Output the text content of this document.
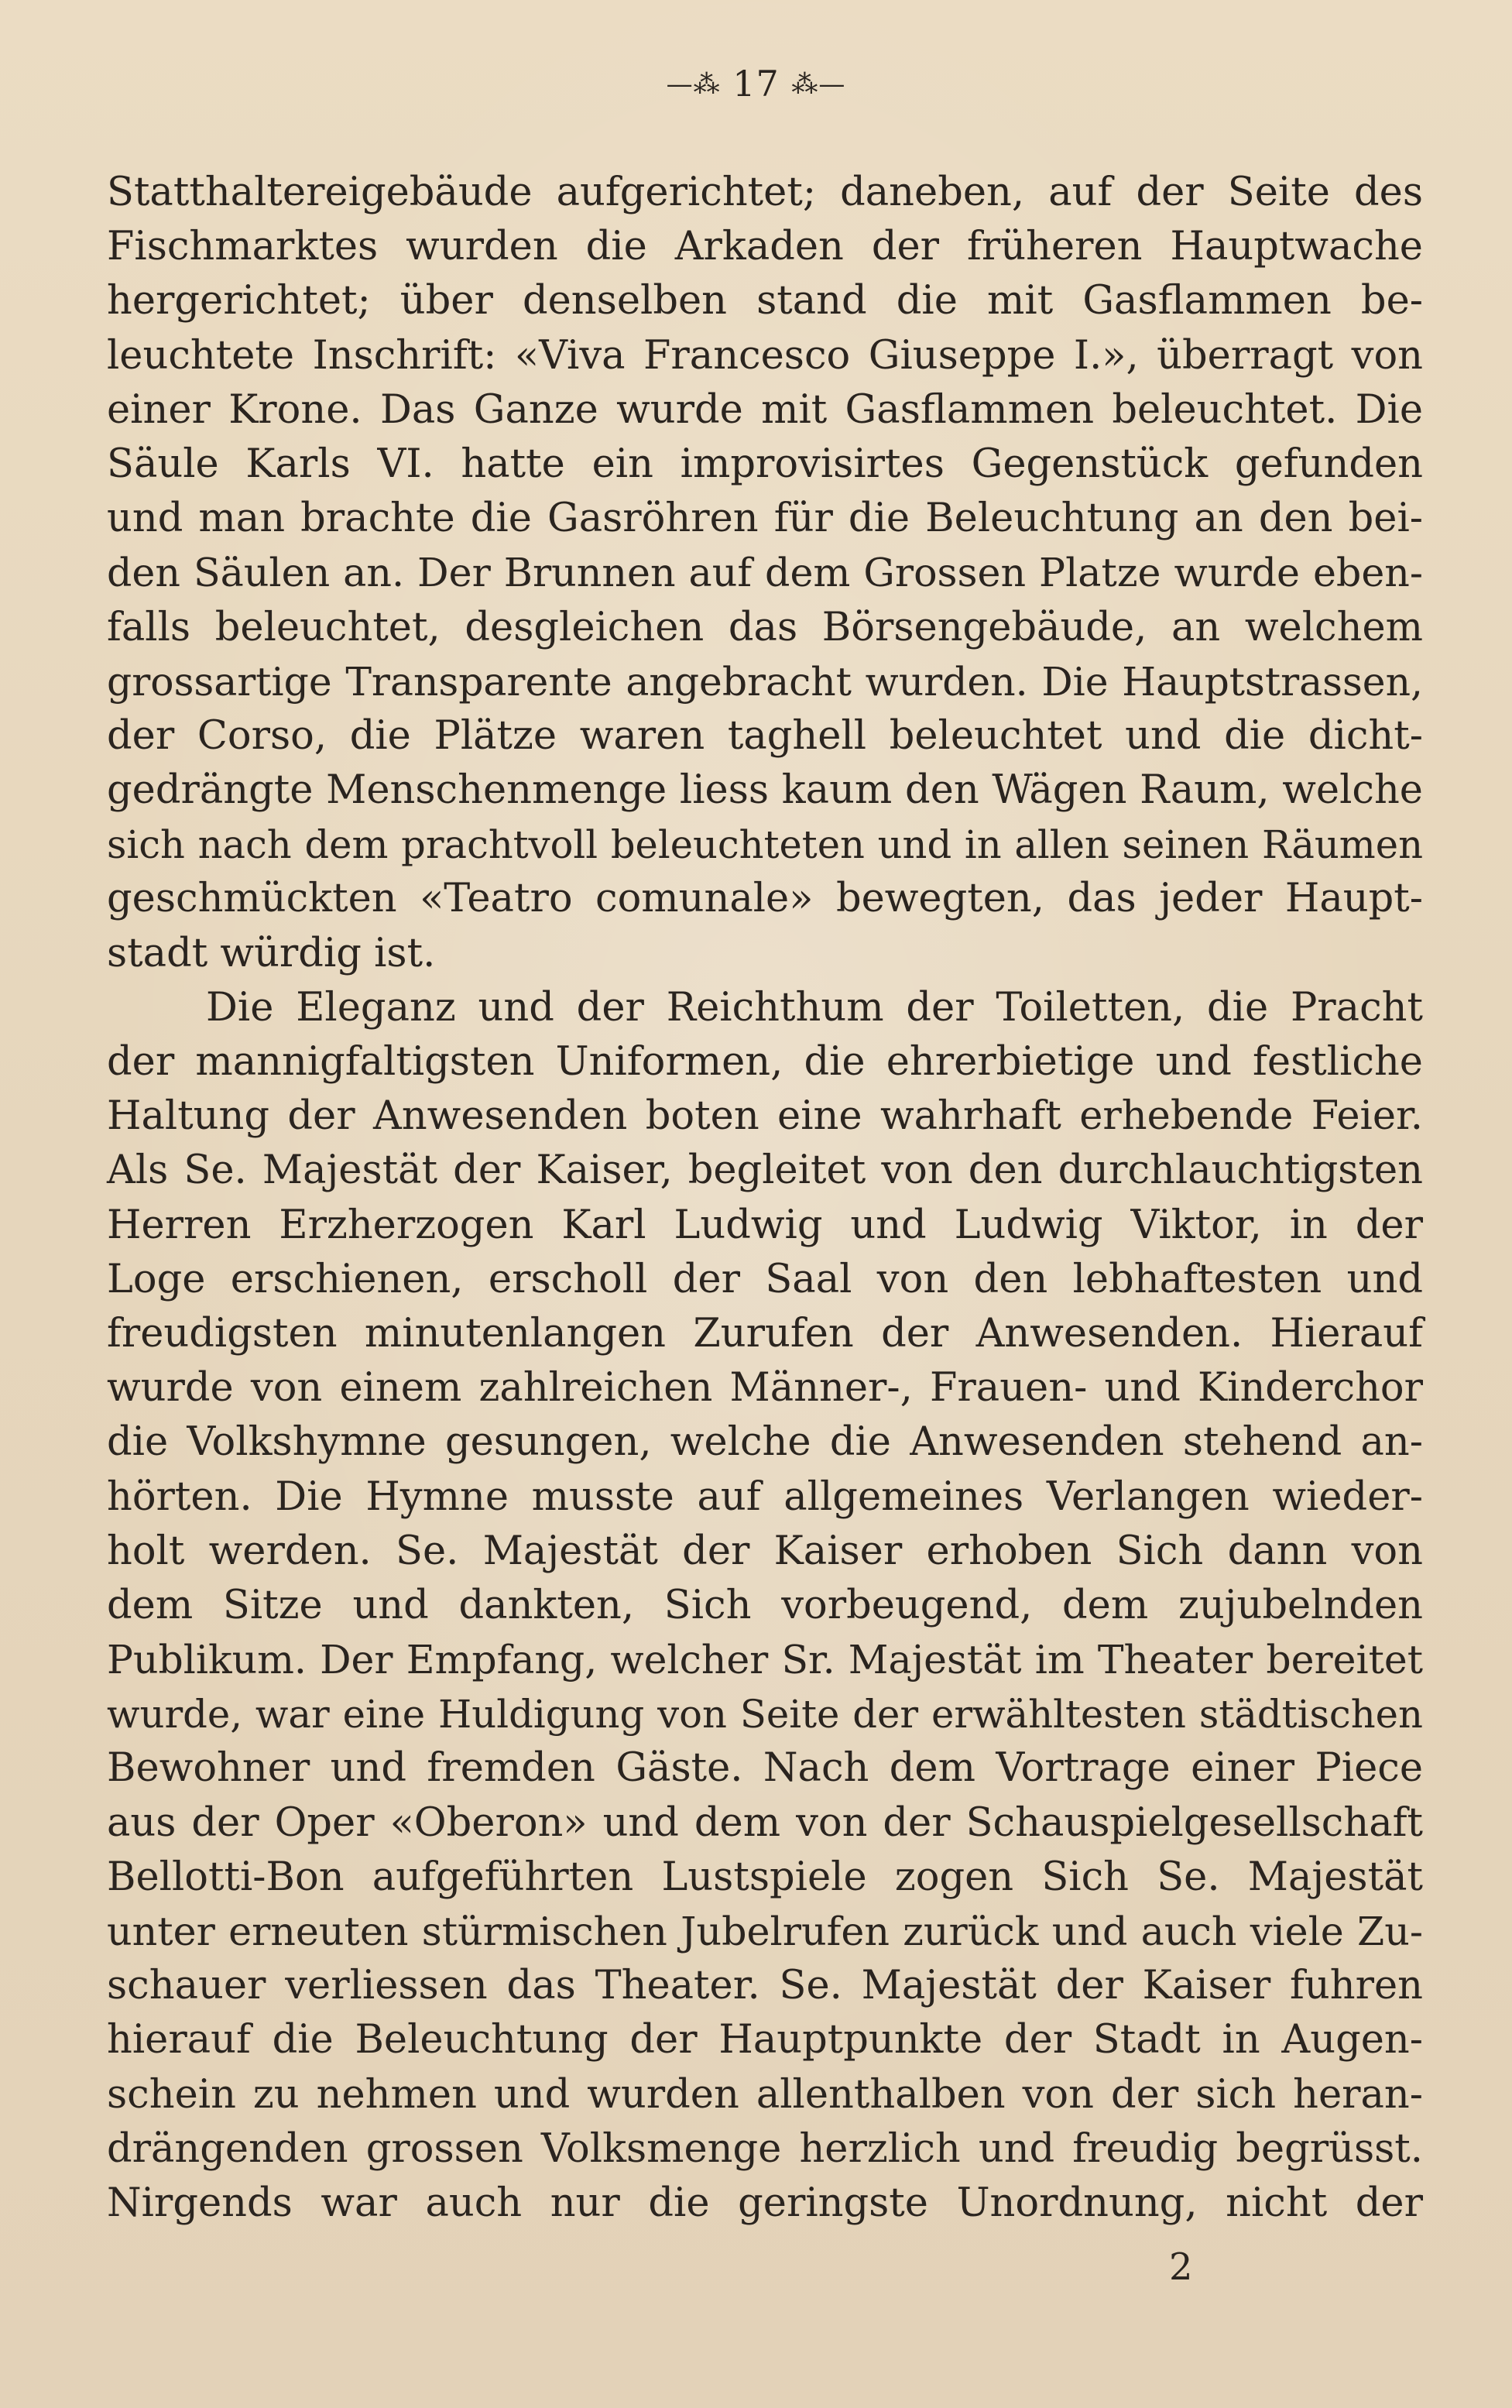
—⁂ 17 ⁂—
Statthaltereigebäude aufgerichtet; daneben, auf der Seite des
Fischmarktes wurden die Arkaden der früheren Hauptwache
hergerichtet; über denselben stand die mit Gasflammen be-
leuchtete Inschrift: «Viva Francesco Giuseppe I.», überragt von
einer Krone. Das Ganze wurde mit Gasflammen beleuchtet. Die
Säule Karls VI. hatte ein improvisirtes Gegenstück gefunden
und man brachte die Gasröhren für die Beleuchtung an den bei-
den Säulen an. Der Brunnen auf dem Grossen Platze wurde eben-
falls beleuchtet, desgleichen das Börsengebäude, an welchem
grossartige Transparente angebracht wurden. Die Hauptstrassen,
der Corso, die Plätze waren taghell beleuchtet und die dicht-
gedrängte Menschenmenge liess kaum den Wägen Raum, welche
sich nach dem prachtvoll beleuchteten und in allen seinen Räumen
geschmückten «Teatro comunale» bewegten, das jeder Haupt-
stadt würdig ist.
Die Eleganz und der Reichthum der Toiletten, die Pracht
der mannigfaltigsten Uniformen, die ehrerbietige und festliche
Haltung der Anwesenden boten eine wahrhaft erhebende Feier.
Als Se. Majestät der Kaiser, begleitet von den durchlauchtigsten
Herren Erzherzogen Karl Ludwig und Ludwig Viktor, in der
Loge erschienen, erscholl der Saal von den lebhaftesten und
freudigsten minutenlangen Zurufen der Anwesenden. Hierauf
wurde von einem zahlreichen Männer-, Frauen- und Kinderchor
die Volkshymne gesungen, welche die Anwesenden stehend an-
hörten. Die Hymne musste auf allgemeines Verlangen wieder-
holt werden. Se. Majestät der Kaiser erhoben Sich dann von
dem Sitze und dankten, Sich vorbeugend, dem zujubelnden
Publikum. Der Empfang, welcher Sr. Majestät im Theater bereitet
wurde, war eine Huldigung von Seite der erwähltesten städtischen
Bewohner und fremden Gäste. Nach dem Vortrage einer Piece
aus der Oper «Oberon» und dem von der Schauspielgesellschaft
Bellotti-Bon aufgeführten Lustspiele zogen Sich Se. Majestät
unter erneuten stürmischen Jubelrufen zurück und auch viele Zu-
schauer verliessen das Theater. Se. Majestät der Kaiser fuhren
hierauf die Beleuchtung der Hauptpunkte der Stadt in Augen-
schein zu nehmen und wurden allenthalben von der sich heran-
drängenden grossen Volksmenge herzlich und freudig begrüsst.
Nirgends war auch nur die geringste Unordnung, nicht der
2
